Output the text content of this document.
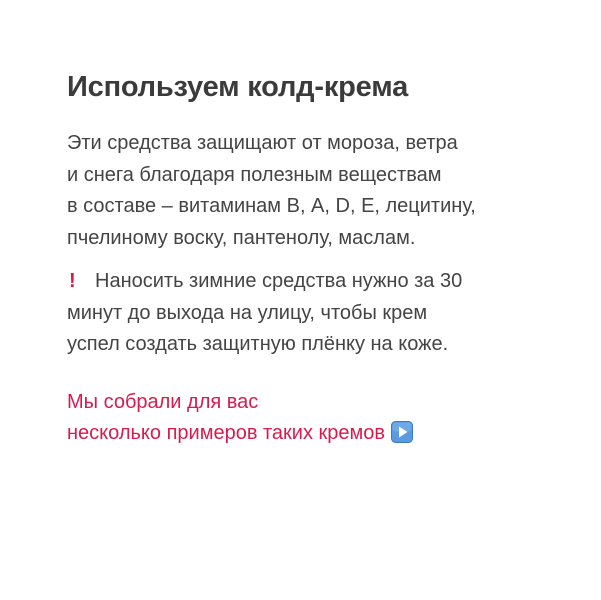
Используем колд-крема

Эти средства защищают от мороза, ветра
и снега благодаря полезным веществам
в составе – витаминам В, А, D, Е, лецитину,
пчелиному воску, пантенолу, маслам.

! Наносить зимние средства нужно за 30
минут до выхода на улицу, чтобы крем
успел создать защитную плёнку на коже.

Мы собрали для вас
несколько примеров таких кремов
